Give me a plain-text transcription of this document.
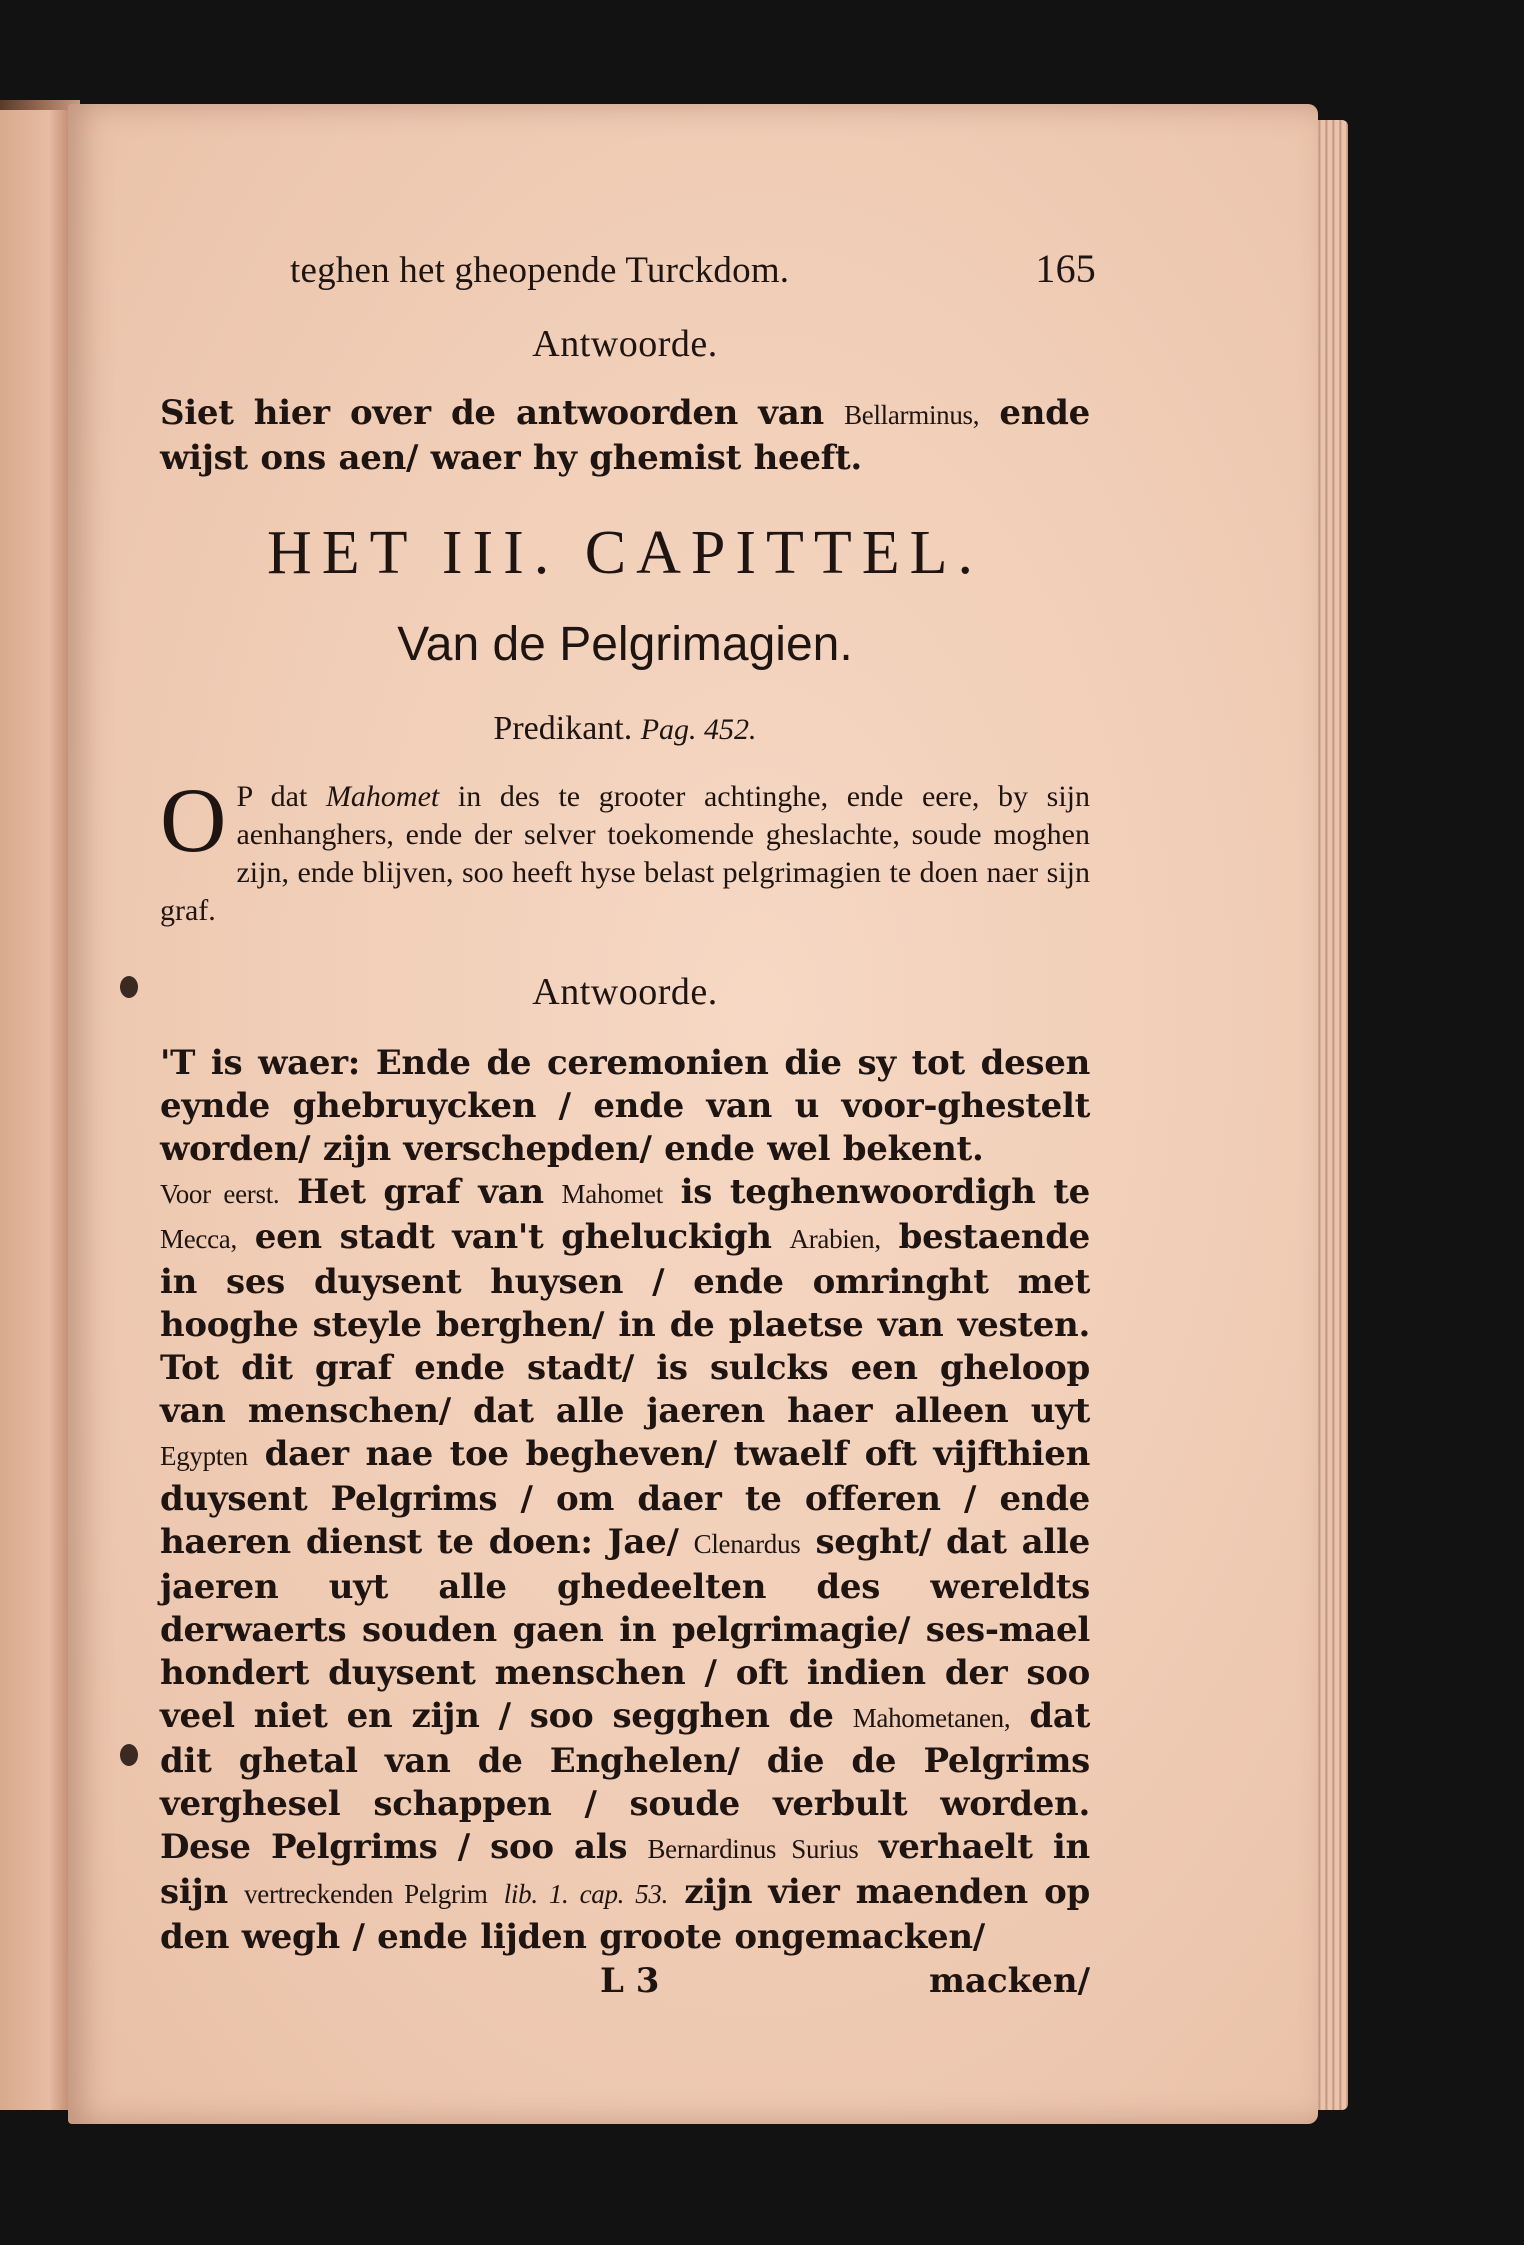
teghen het gheopende Turckdom.	165
Antwoorde.
Siet hier over de antwoorden van Bellarminus, ende wijst ons aen/ waer hy ghemist heeft.
HET III. CAPITTEL.
Van de Pelgrimagien.
Predikant. Pag. 452.
O P dat Mahomet in des te grooter achtinghe, ende eere, by sijn aenhanghers, ende der selver toekomende gheslachte, soude moghen zijn, ende blijven, soo heeft hyse belast pelgrimagien te doen naer sijn graf.
Antwoorde.
'T is waer: Ende de ceremonien die sy tot desen eynde ghebruycken / ende van u voor-ghestelt worden/ zijn verschepden/ ende wel bekent.
Voor eerst. Het graf van Mahomet is teghenwoordigh te Mecca, een stadt van't gheluckigh Arabien, bestaende in ses duysent huysen / ende omringht met hooghe steyle berghen/ in de plaetse van vesten. Tot dit graf ende stadt/ is sulcks een gheloop van menschen/ dat alle jaeren haer alleen uyt Egypten daer nae toe begheven/ twaelf oft vijfthien duysent Pelgrims / om daer te offeren / ende haeren dienst te doen: Jae/ Clenardus seght/ dat alle jaeren uyt alle ghedeelten des wereldts derwaerts souden gaen in pelgrimagie/ ses-mael hondert duysent menschen / oft indien der soo veel niet en zijn / soo segghen de Mahometanen, dat dit ghetal van de Enghelen/ die de Pelgrims verghesel schappen / soude verbult worden. Dese Pelgrims / soo als Bernardinus Surius verhaelt in sijn vertreckenden Pelgrim lib. 1. cap. 53. zijn vier maenden op den wegh / ende lijden groote ongemacken/
L 3	macken/
